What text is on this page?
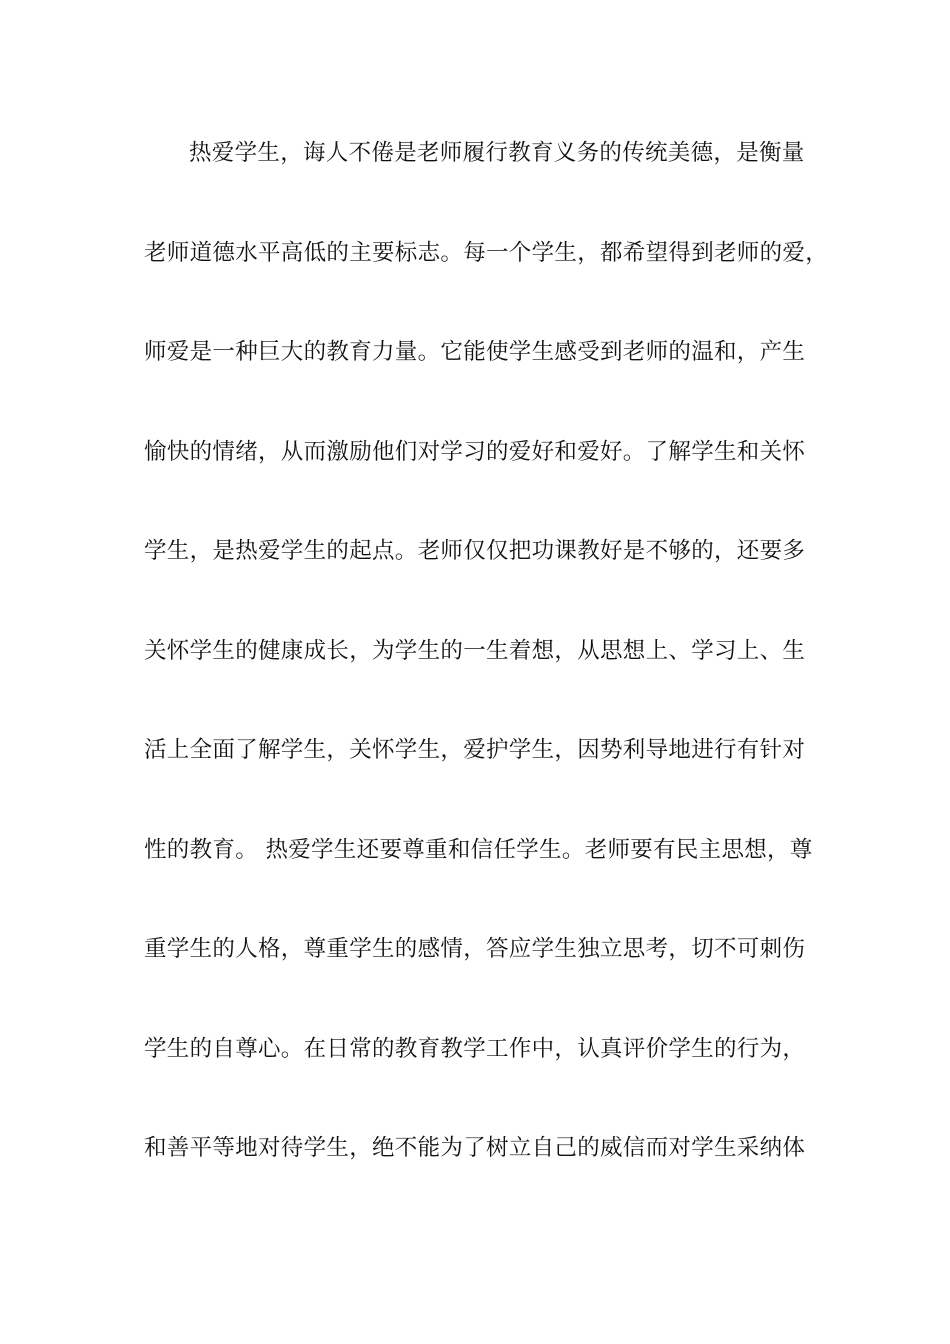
热爱学生，诲人不倦是老师履行教育义务的传统美德，是衡量
老师道德水平高低的主要标志。每一个学生，都希望得到老师的爱，
师爱是一种巨大的教育力量。它能使学生感受到老师的温和，产生
愉快的情绪，从而激励他们对学习的爱好和爱好。了解学生和关怀
学生，是热爱学生的起点。老师仅仅把功课教好是不够的，还要多
关怀学生的健康成长，为学生的一生着想，从思想上、学习上、生
活上全面了解学生，关怀学生，爱护学生，因势利导地进行有针对
性的教育。 热爱学生还要尊重和信任学生。老师要有民主思想，尊
重学生的人格，尊重学生的感情，答应学生独立思考，切不可刺伤
学生的自尊心。在日常的教育教学工作中，认真评价学生的行为，
和善平等地对待学生，绝不能为了树立自己的威信而对学生采纳体
